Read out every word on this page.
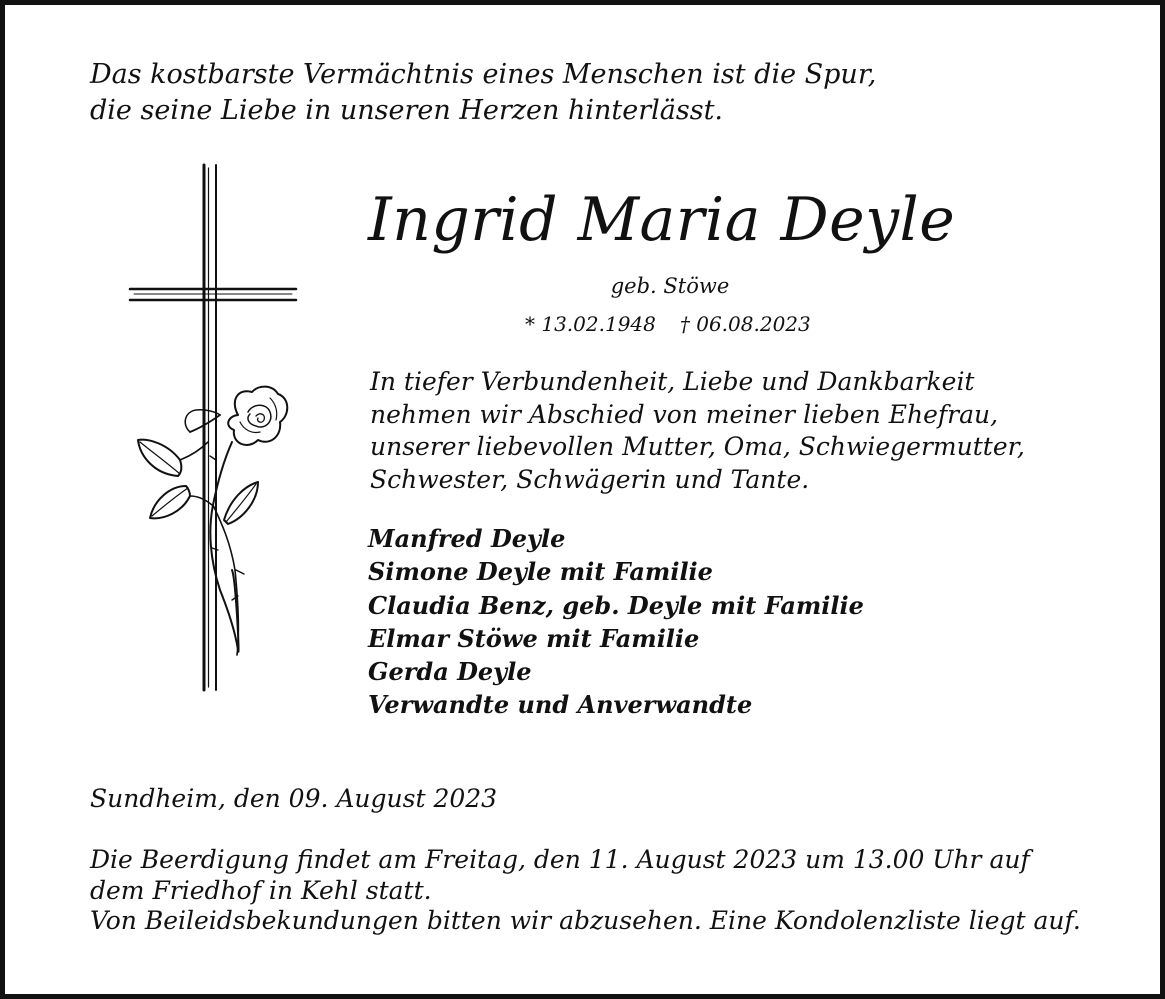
Das kostbarste Vermächtnis eines Menschen ist die Spur,
die seine Liebe in unseren Herzen hinterlässt.
Ingrid Maria Deyle
geb. Stöwe
* 13.02.1948 † 06.08.2023
In tiefer Verbundenheit, Liebe und Dankbarkeit
nehmen wir Abschied von meiner lieben Ehefrau,
unserer liebevollen Mutter, Oma, Schwiegermutter,
Schwester, Schwägerin und Tante.
Manfred Deyle
Simone Deyle mit Familie
Claudia Benz, geb. Deyle mit Familie
Elmar Stöwe mit Familie
Gerda Deyle
Verwandte und Anverwandte
Sundheim, den 09. August 2023
Die Beerdigung findet am Freitag, den 11. August 2023 um 13.00 Uhr auf
dem Friedhof in Kehl statt.
Von Beileidsbekundungen bitten wir abzusehen. Eine Kondolenzliste liegt auf.
